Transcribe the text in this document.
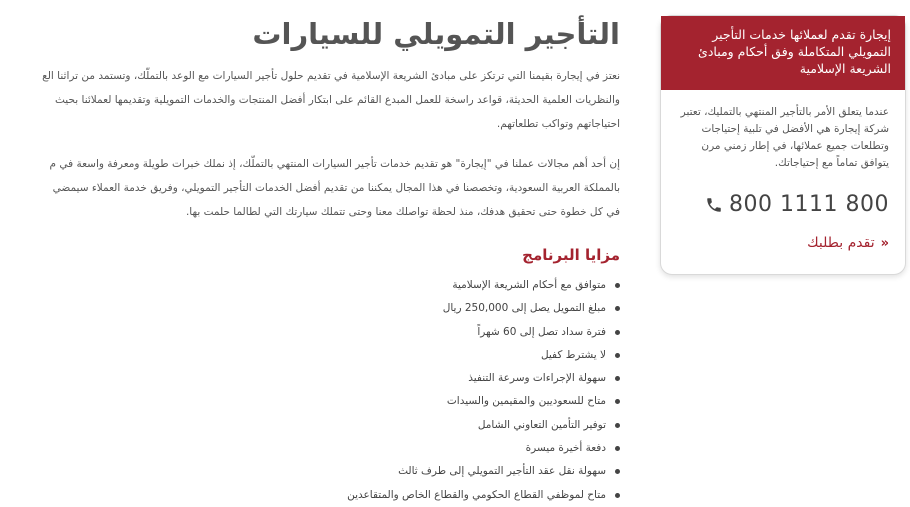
التأجير التمويلي للسيارات

نعتز في إيجارة بقيمنا التي ترتكز على مبادئ الشريعة الإسلامية في تقديم حلول تأجير السيارات مع الوعد بالتملّك، وتستمد من تراثنا الع

والنظريات العلمية الحديثة، قواعد راسخة للعمل المبدع القائم على ابتكار أفضل المنتجات والخدمات التمويلية وتقديمها لعملائنا بحيث

احتياجاتهم وتواكب تطلعاتهم.

إن أحد أهم مجالات عملنا في "إيجارة" هو تقديم خدمات تأجير السيارات المنتهي بالتملّك، إذ نملك خبرات طويلة ومعرفة واسعة في م

بالمملكة العربية السعودية، وتخصصنا في هذا المجال يمكننا من تقديم أفضل الخدمات التأجير التمويلي، وفريق خدمة العملاء سيمضي

في كل خطوة حتى تحقيق هدفك، منذ لحظة تواصلك معنا وحتى تتملك سيارتك التي لطالما حلمت بها.

مزايا البرنامج
متوافق مع أحكام الشريعة الإسلامية
مبلغ التمويل يصل إلى 250,000 ريال
فترة سداد تصل إلى 60 شهراً
لا يشترط كفيل
سهولة الإجراءات وسرعة التنفيذ
متاح للسعوديين والمقيمين والسيدات
توفير التأمين التعاوني الشامل
دفعة أخيرة ميسرة
سهولة نقل عقد التأجير التمويلي إلى طرف ثالث
متاح لموظفي القطاع الحكومي والقطاع الخاص والمتقاعدين
إيجارة تقدم لعملائها خدمات التأجير التمويلي المتكاملة وفق أحكام ومبادئ الشريعة الإسلامية

عندما يتعلق الأمر بالتأجير المنتهي بالتمليك، تعتبر شركة إيجارة هي الأفضل في تلبية إحتياجات وتطلعات جميع عملائها، في إطار زمني مرن يتوافق تماماً مع إحتياجاتك.

800 1111 800
«
تقدم بطلبك
